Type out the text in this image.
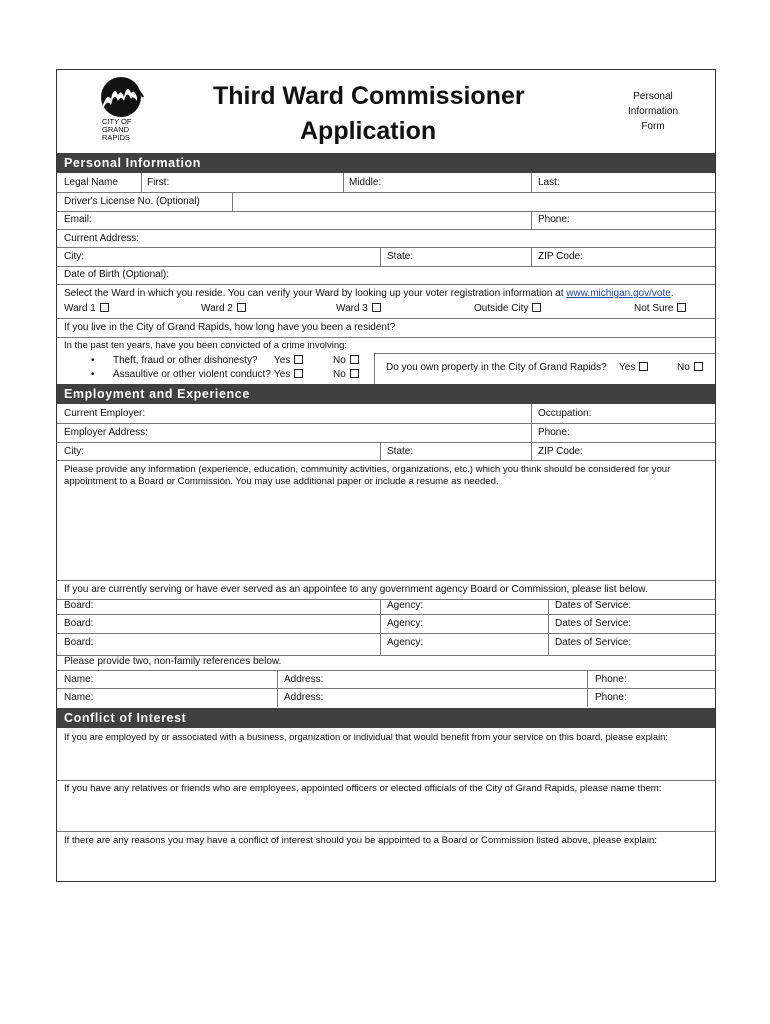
CITY OF
GRAND
RAPIDS
Third Ward Commissioner
Application
Personal
Information
Form
Personal Information
Legal Name	First:	Middle:	Last:
Driver's License No. (Optional)
Email:	Phone:
Current Address:
City:	State:	ZIP Code:
Date of Birth (Optional):
Select the Ward in which you reside. You can verify your Ward by looking up your voter registration information at www.michigan.gov/vote.
Ward 1	Ward 2	Ward 3	Outside City	Not Sure
If you live in the City of Grand Rapids, how long have you been a resident?
In the past ten years, have you been convicted of a crime involving:
• Theft, fraud or other dishonesty? Yes	No
• Assaultive or other violent conduct? Yes	No
Do you own property in the City of Grand Rapids? Yes	No
Employment and Experience
Current Employer:	Occupation:
Employer Address:	Phone:
City:	State:	ZIP Code:
Please provide any information (experience, education, community activities, organizations, etc.) which you think should be considered for your
appointment to a Board or Commission. You may use additional paper or include a resume as needed.
If you are currently serving or have ever served as an appointee to any government agency Board or Commission, please list below.
Board:	Agency:	Dates of Service:
Board:	Agency:	Dates of Service:
Board:	Agency:	Dates of Service:
Please provide two, non-family references below.
Name:	Address:	Phone:
Name:	Address:	Phone:
Conflict of Interest
If you are employed by or associated with a business, organization or individual that would benefit from your service on this board, please explain:
If you have any relatives or friends who are employees, appointed officers or elected officials of the City of Grand Rapids, please name them:
If there are any reasons you may have a conflict of interest should you be appointed to a Board or Commission listed above, please explain:
